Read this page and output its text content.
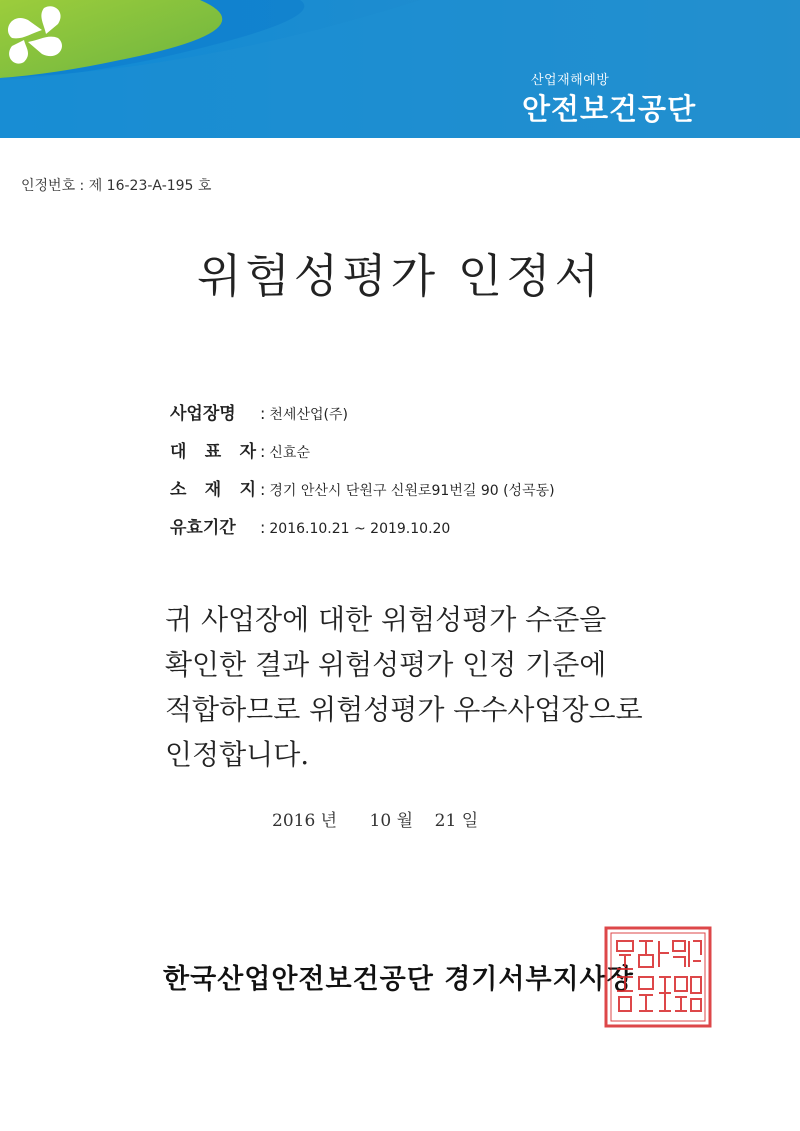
산업재해예방
안전보건공단
인정번호 : 제 16-23-A-195 호
위험성평가 인정서
사업장명	: 천세산업(주)
대 표 자 : 신효순
소 재 지 : 경기 안산시 단원구 신원로91번길 90 (성곡동)
유효기간	: 2016.10.21 ~ 2019.10.20
귀 사업장에 대한 위험성평가 수준을
확인한 결과 위험성평가 인정 기준에
적합하므로 위험성평가 우수사업장으로
인정합니다.
2016 년 10 월 21 일
한국산업안전보건공단 경기서부지사장
